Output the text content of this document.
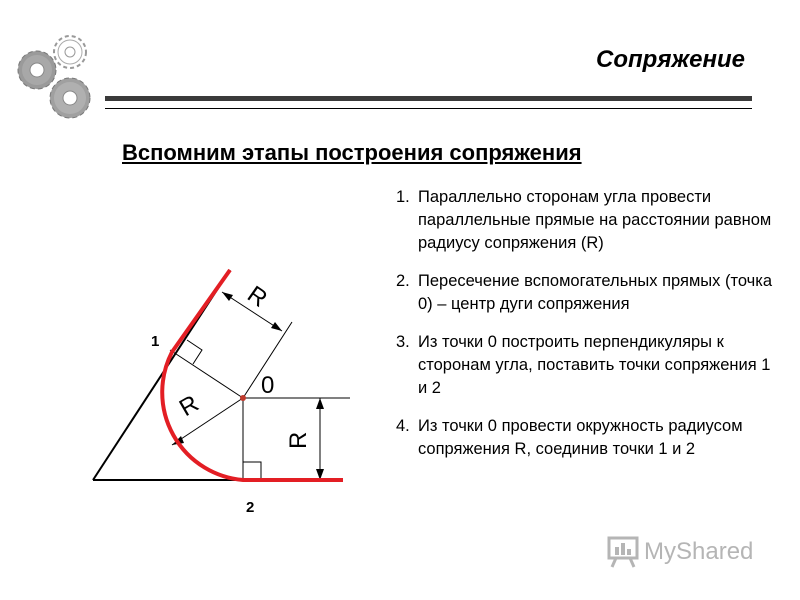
Сопряжение
Вспомним этапы построения сопряжения
0
R
R
R
1
2
1. Параллельно сторонам угла провести параллельные прямые на расстоянии равном радиусу сопряжения (R)
2. Пересечение вспомогательных прямых (точка 0) – центр дуги сопряжения
3. Из точки 0 построить перпендикуляры к сторонам угла, поставить точки сопряжения 1 и 2
4. Из точки 0 провести окружность радиусом сопряжения R, соединив точки 1 и 2
MyShared
